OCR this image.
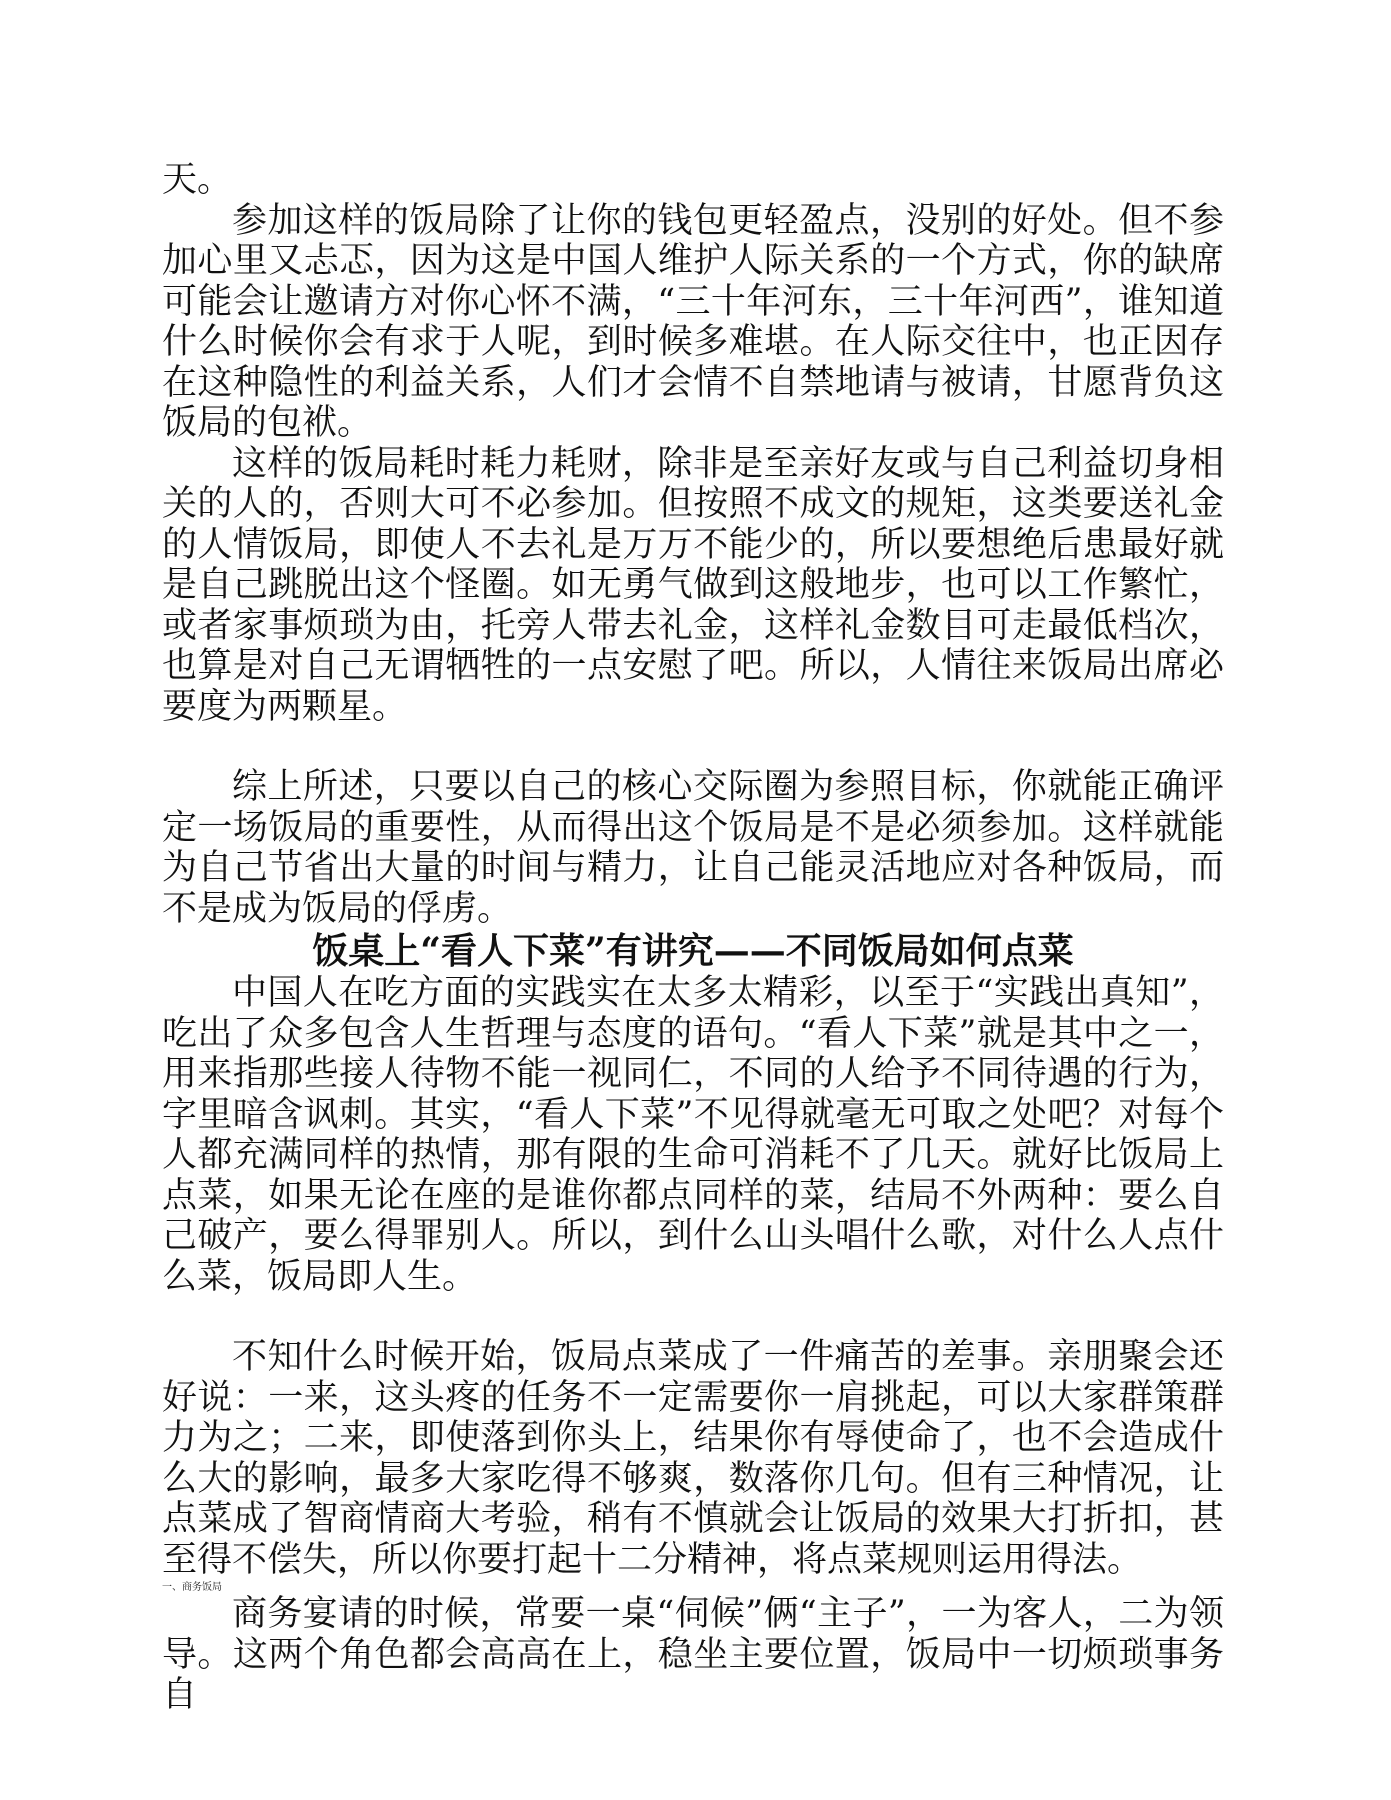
天。

参加这样的饭局除了让你的钱包更轻盈点，没别的好处。但不参加心里又忐忑，因为这是中国人维护人际关系的一个方式，你的缺席可能会让邀请方对你心怀不满，“三十年河东，三十年河西”，谁知道什么时候你会有求于人呢，到时候多难堪。在人际交往中，也正因存在这种隐性的利益关系，人们才会情不自禁地请与被请，甘愿背负这饭局的包袱。

这样的饭局耗时耗力耗财，除非是至亲好友或与自己利益切身相关的人的，否则大可不必参加。但按照不成文的规矩，这类要送礼金的人情饭局，即使人不去礼是万万不能少的，所以要想绝后患最好就是自己跳脱出这个怪圈。如无勇气做到这般地步，也可以工作繁忙，或者家事烦琐为由，托旁人带去礼金，这样礼金数目可走最低档次，也算是对自己无谓牺牲的一点安慰了吧。所以，人情往来饭局出席必要度为两颗星。

综上所述，只要以自己的核心交际圈为参照目标，你就能正确评定一场饭局的重要性，从而得出这个饭局是不是必须参加。这样就能为自己节省出大量的时间与精力，让自己能灵活地应对各种饭局，而不是成为饭局的俘虏。

饭桌上“看人下菜”有讲究——不同饭局如何点菜

中国人在吃方面的实践实在太多太精彩，以至于“实践出真知”，吃出了众多包含人生哲理与态度的语句。“看人下菜”就是其中之一，用来指那些接人待物不能一视同仁，不同的人给予不同待遇的行为，字里暗含讽刺。其实，“看人下菜”不见得就毫无可取之处吧？对每个人都充满同样的热情，那有限的生命可消耗不了几天。就好比饭局上点菜，如果无论在座的是谁你都点同样的菜，结局不外两种：要么自己破产，要么得罪别人。所以，到什么山头唱什么歌，对什么人点什么菜，饭局即人生。

不知什么时候开始，饭局点菜成了一件痛苦的差事。亲朋聚会还好说：一来，这头疼的任务不一定需要你一肩挑起，可以大家群策群力为之；二来，即使落到你头上，结果你有辱使命了，也不会造成什么大的影响，最多大家吃得不够爽，数落你几句。但有三种情况，让点菜成了智商情商大考验，稍有不慎就会让饭局的效果大打折扣，甚至得不偿失，所以你要打起十二分精神，将点菜规则运用得法。

一、商务饭局

商务宴请的时候，常要一桌“伺候”俩“主子”，一为客人，二为领导。这两个角色都会高高在上，稳坐主要位置，饭局中一切烦琐事务自
